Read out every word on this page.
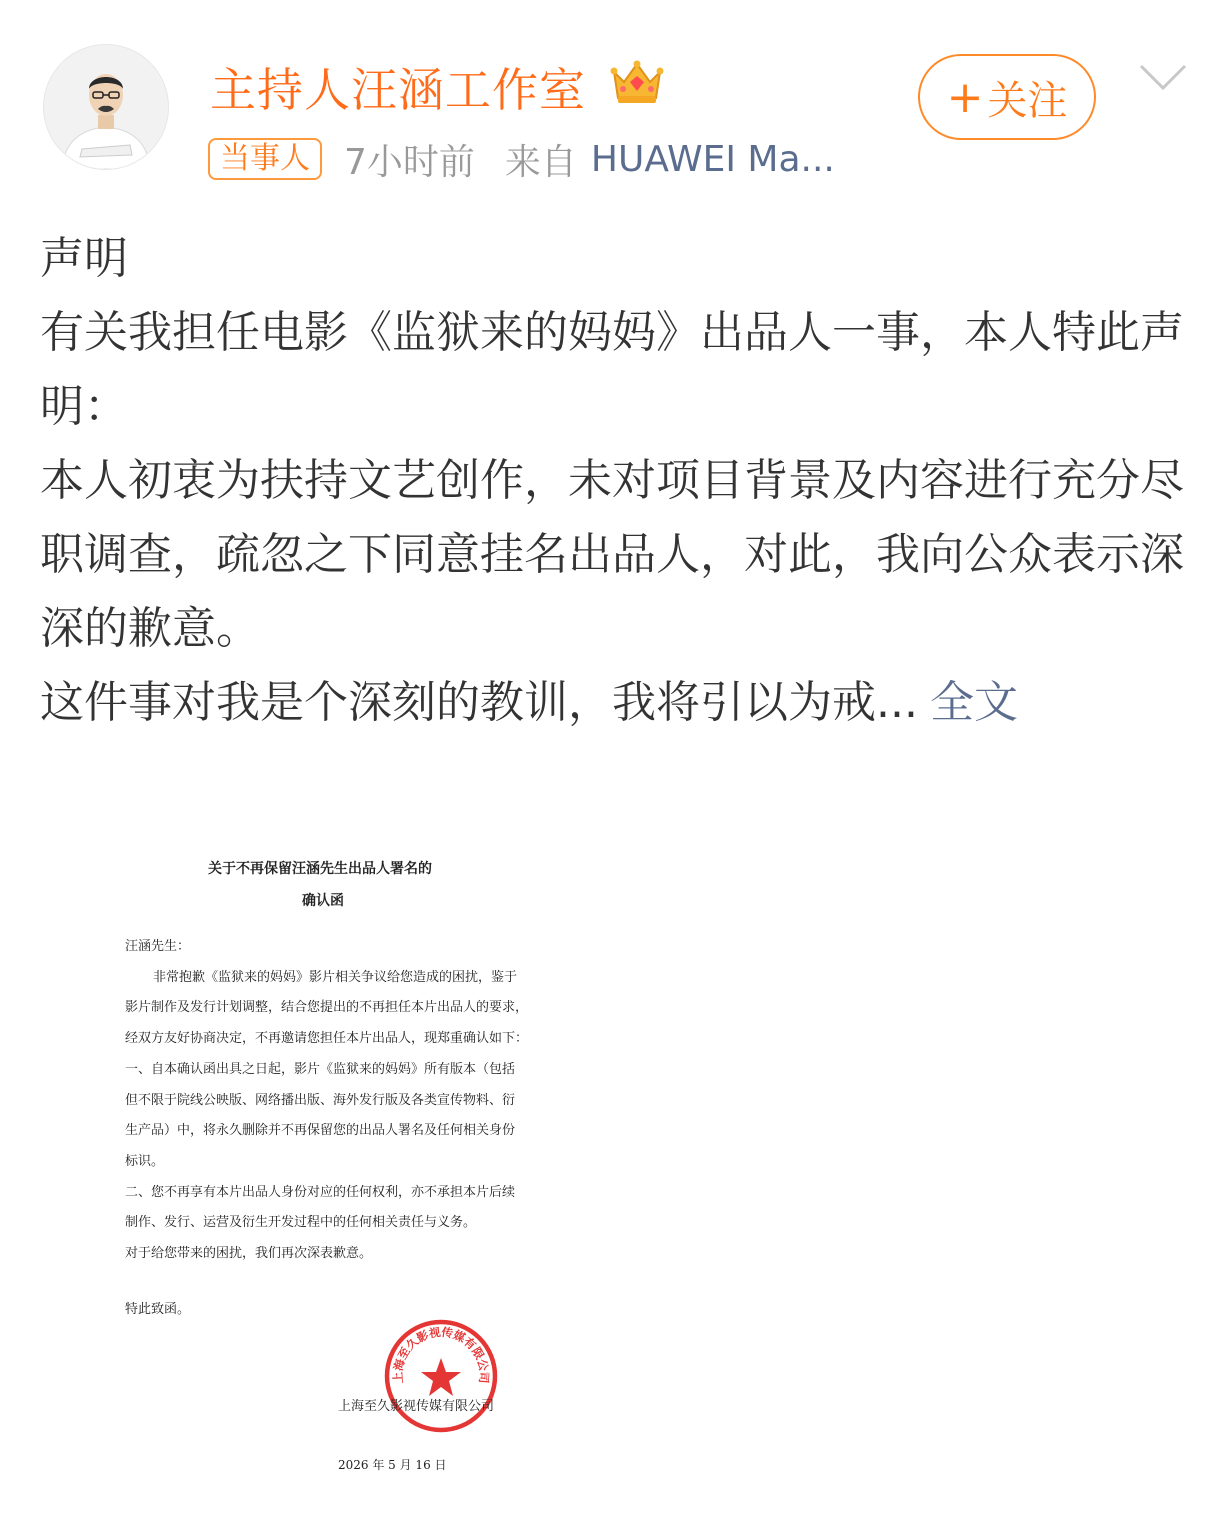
主持人汪涵工作室
当事人 7小时前 来自 HUAWEI Ma...
+ 关注

声明

有关我担任电影《监狱来的妈妈》出品人一事，本人特此声明：

本人初衷为扶持文艺创作，未对项目背景及内容进行充分尽职调查，疏忽之下同意挂名出品人，对此，我向公众表示深深的歉意。

这件事对我是个深刻的教训，我将引以为戒... 全文

关于不再保留汪涵先生出品人署名的
确认函

汪涵先生：

非常抱歉《监狱来的妈妈》影片相关争议给您造成的困扰，鉴于

影片制作及发行计划调整，结合您提出的不再担任本片出品人的要求，

经双方友好协商决定，不再邀请您担任本片出品人，现郑重确认如下：

一、自本确认函出具之日起，影片《监狱来的妈妈》所有版本（包括

但不限于院线公映版、网络播出版、海外发行版及各类宣传物料、衍

生产品）中，将永久删除并不再保留您的出品人署名及任何相关身份

标识。

二、您不再享有本片出品人身份对应的任何权利，亦不承担本片后续

制作、发行、运营及衍生开发过程中的任何相关责任与义务。

对于给您带来的困扰，我们再次深表歉意。

特此致函。
上海至久影视传媒有限公司
上海至久影视传媒有限公司
2026 年 5 月 16 日
